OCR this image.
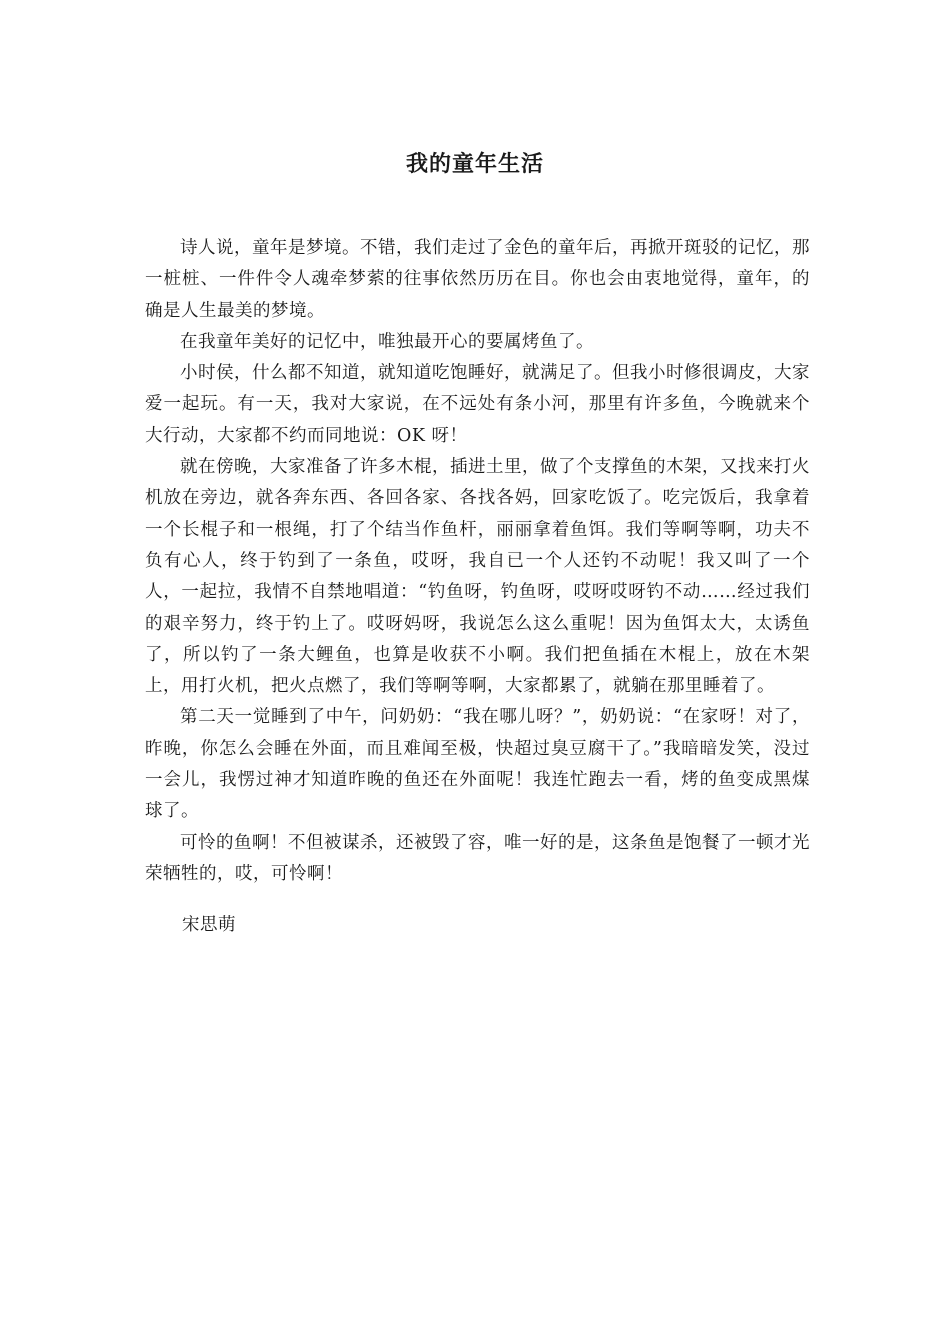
我的童年生活

诗人说，童年是梦境。不错，我们走过了金色的童年后，再掀开斑驳的记忆，那一桩桩、一件件令人魂牵梦萦的往事依然历历在目。你也会由衷地觉得，童年，的确是人生最美的梦境。

在我童年美好的记忆中，唯独最开心的要属烤鱼了。

小时侯，什么都不知道，就知道吃饱睡好，就满足了。但我小时修很调皮，大家爱一起玩。有一天，我对大家说，在不远处有条小河，那里有许多鱼，今晚就来个大行动，大家都不约而同地说：OK 呀！

就在傍晚，大家准备了许多木棍，插进土里，做了个支撑鱼的木架，又找来打火机放在旁边，就各奔东西、各回各家、各找各妈，回家吃饭了。吃完饭后，我拿着一个长棍子和一根绳，打了个结当作鱼杆，丽丽拿着鱼饵。我们等啊等啊，功夫不负有心人，终于钓到了一条鱼，哎呀，我自已一个人还钓不动呢！我又叫了一个人，一起拉，我情不自禁地唱道：“钓鱼呀，钓鱼呀，哎呀哎呀钓不动……经过我们的艰辛努力，终于钓上了。哎呀妈呀，我说怎么这么重呢！因为鱼饵太大，太诱鱼了，所以钓了一条大鲤鱼，也算是收获不小啊。我们把鱼插在木棍上，放在木架上，用打火机，把火点燃了，我们等啊等啊，大家都累了，就躺在那里睡着了。

第二天一觉睡到了中午，问奶奶：“我在哪儿呀？”，奶奶说：“在家呀！对了，昨晚，你怎么会睡在外面，而且难闻至极，快超过臭豆腐干了。”我暗暗发笑，没过一会儿，我愣过神才知道昨晚的鱼还在外面呢！我连忙跑去一看，烤的鱼变成黑煤球了。

可怜的鱼啊！不但被谋杀，还被毁了容，唯一好的是，这条鱼是饱餐了一顿才光荣牺牲的，哎，可怜啊！

宋思萌
